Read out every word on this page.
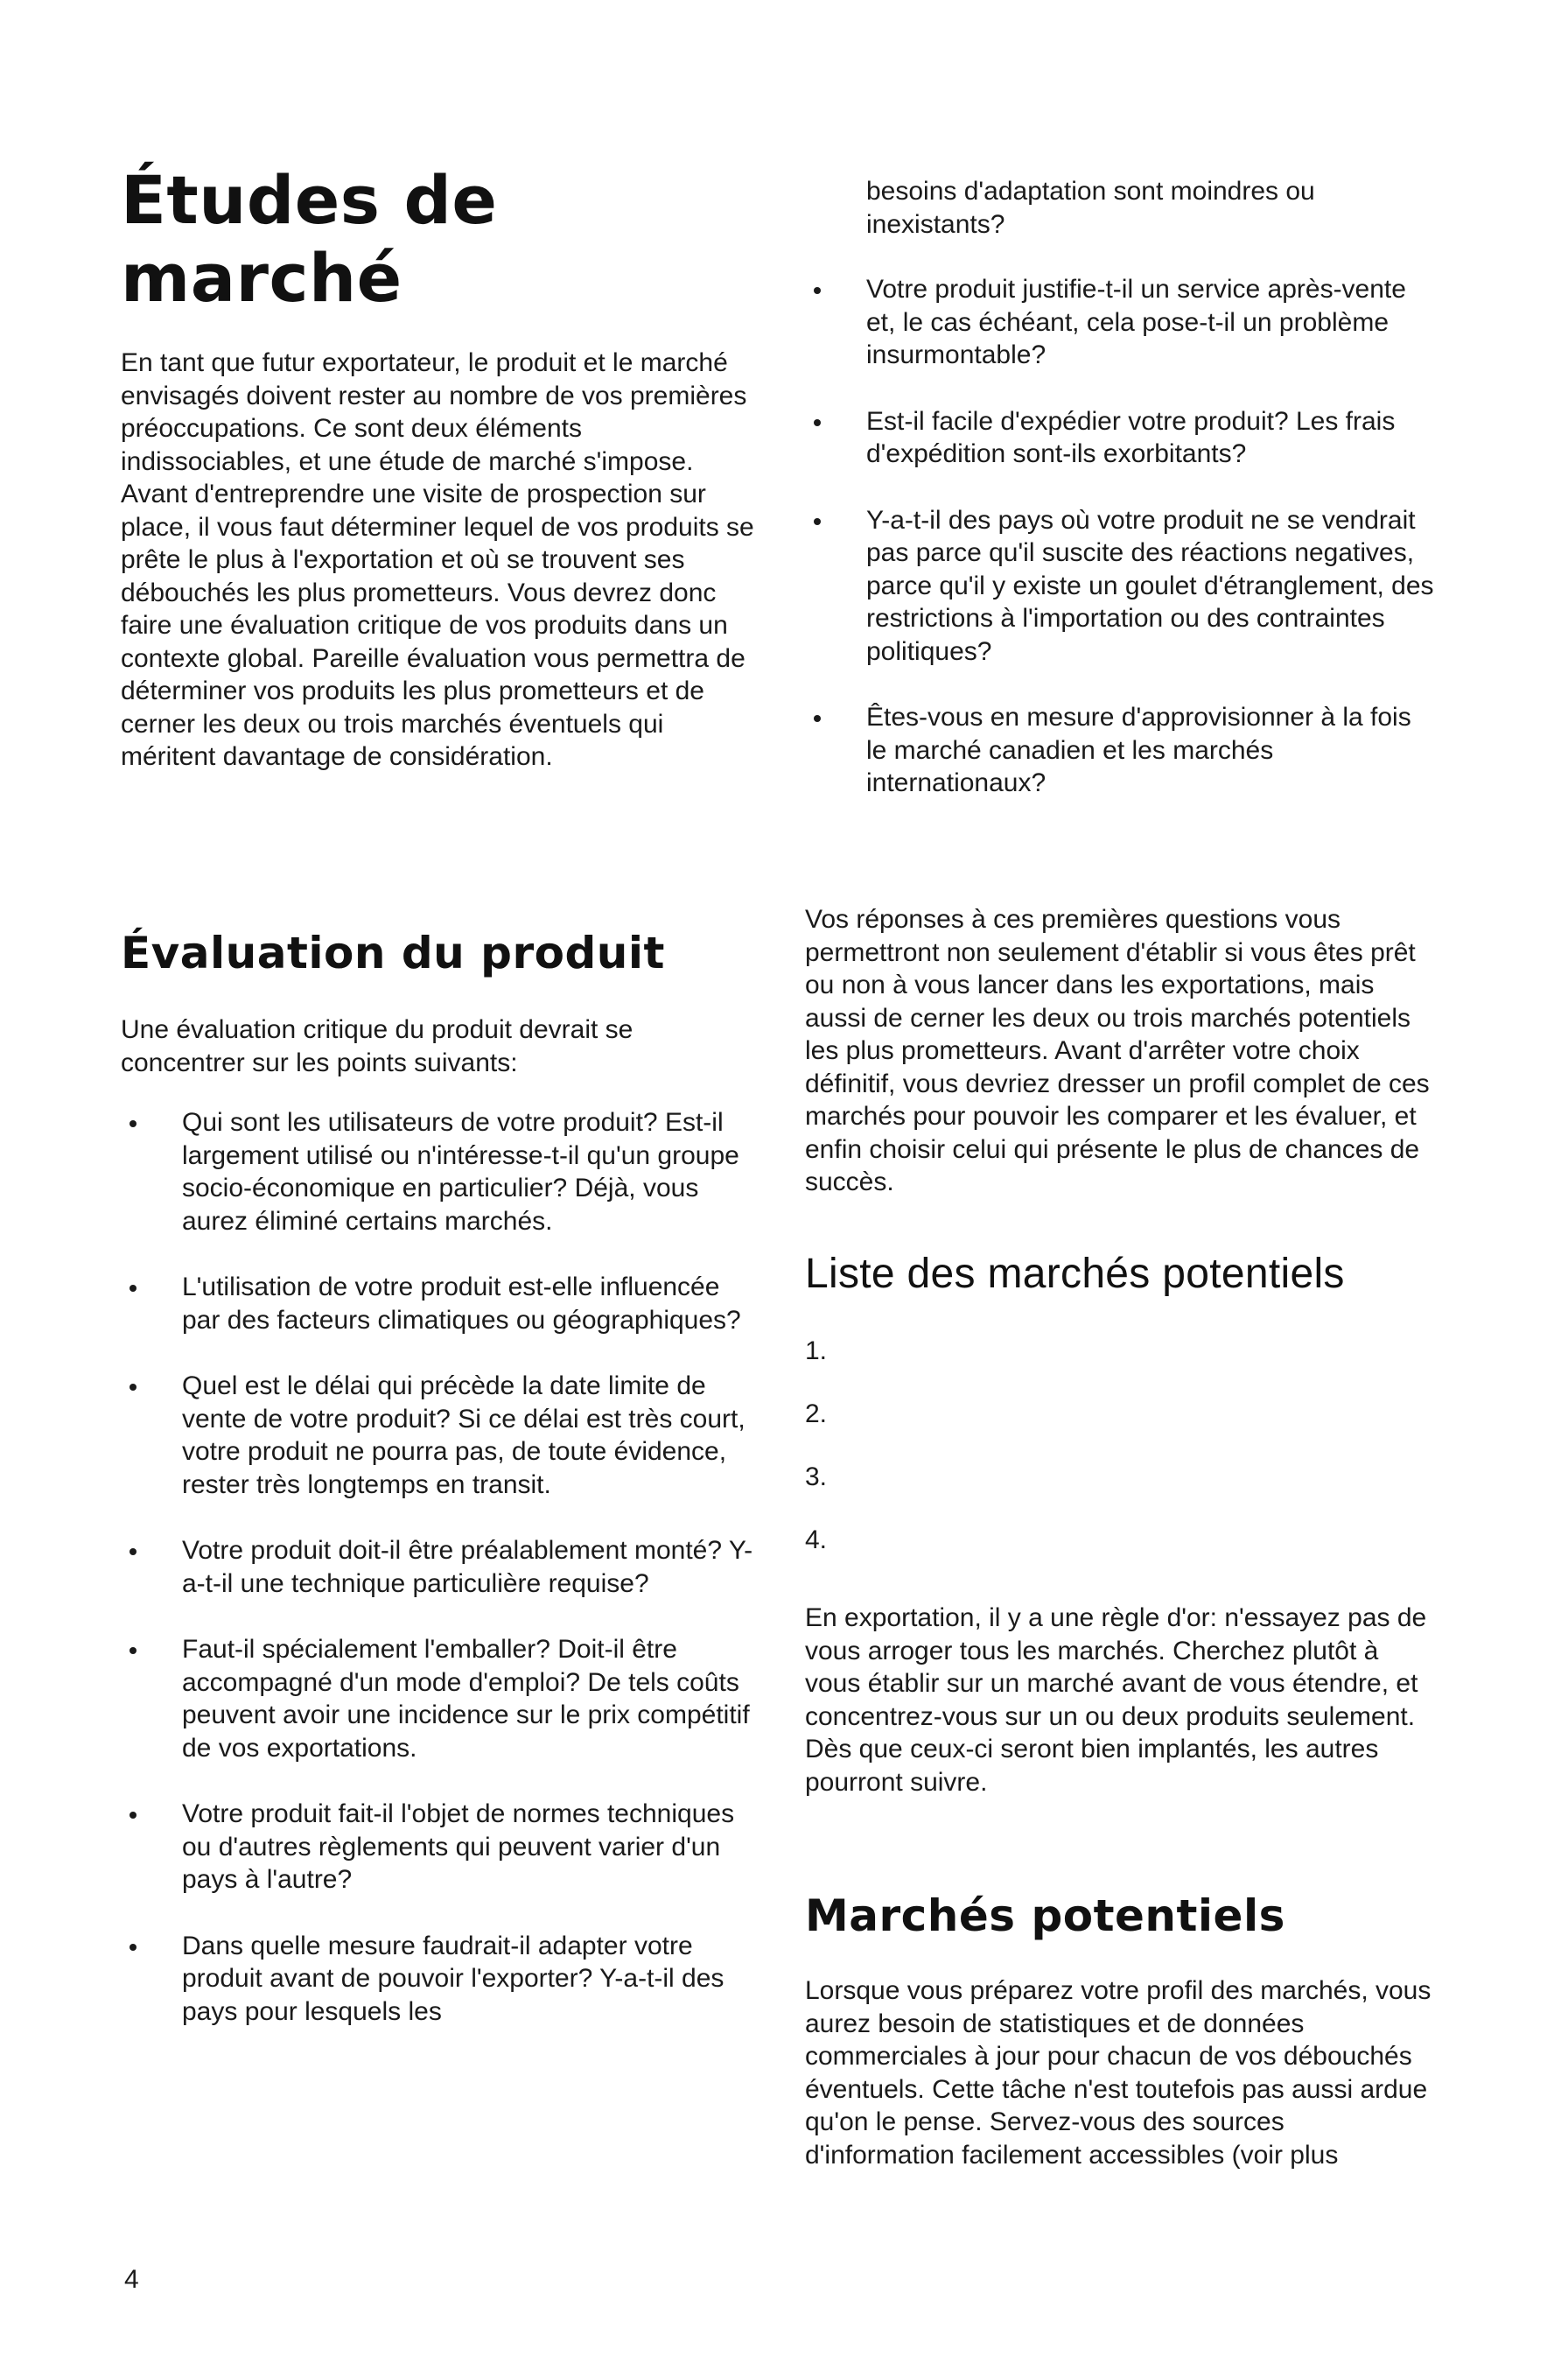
Études de marché

En tant que futur exportateur, le produit et le marché envisagés doivent rester au nombre de vos premières préoccupations. Ce sont deux éléments indissociables, et une étude de marché s'impose. Avant d'entreprendre une visite de prospection sur place, il vous faut déterminer lequel de vos produits se prête le plus à l'exportation et où se trouvent ses débouchés les plus prometteurs. Vous devrez donc faire une évaluation critique de vos produits dans un contexte global. Pareille évaluation vous permettra de déterminer vos produits les plus prometteurs et de cerner les deux ou trois marchés éventuels qui méritent davantage de considération.

Évaluation du produit

Une évaluation critique du produit devrait se concentrer sur les points suivants:

Qui sont les utilisateurs de votre produit? Est-il largement utilisé ou n'intéresse-t-il qu'un groupe socio-économique en particulier? Déjà, vous aurez éliminé certains marchés.
L'utilisation de votre produit est-elle influencée par des facteurs climatiques ou géographiques?
Quel est le délai qui précède la date limite de vente de votre produit? Si ce délai est très court, votre produit ne pourra pas, de toute évidence, rester très longtemps en transit.
Votre produit doit-il être préalablement monté? Y-a-t-il une technique particulière requise?
Faut-il spécialement l'emballer? Doit-il être accompagné d'un mode d'emploi? De tels coûts peuvent avoir une incidence sur le prix compétitif de vos exportations.
Votre produit fait-il l'objet de normes techniques ou d'autres règlements qui peuvent varier d'un pays à l'autre?
Dans quelle mesure faudrait-il adapter votre produit avant de pouvoir l'exporter? Y-a-t-il des pays pour lesquels les

besoins d'adaptation sont moindres ou inexistants?

Votre produit justifie-t-il un service après-vente et, le cas échéant, cela pose-t-il un problème insurmontable?
Est-il facile d'expédier votre produit? Les frais d'expédition sont-ils exorbitants?
Y-a-t-il des pays où votre produit ne se vendrait pas parce qu'il suscite des réactions negatives, parce qu'il y existe un goulet d'étranglement, des restrictions à l'importation ou des contraintes politiques?
Êtes-vous en mesure d'approvisionner à la fois le marché canadien et les marchés internationaux?

Vos réponses à ces premières questions vous permettront non seulement d'établir si vous êtes prêt ou non à vous lancer dans les exportations, mais aussi de cerner les deux ou trois marchés potentiels les plus prometteurs. Avant d'arrêter votre choix définitif, vous devriez dresser un profil complet de ces marchés pour pouvoir les comparer et les évaluer, et enfin choisir celui qui présente le plus de chances de succès.

Liste des marchés potentiels
1.
2.
3.
4.

En exportation, il y a une règle d'or: n'essayez pas de vous arroger tous les marchés. Cherchez plutôt à vous établir sur un marché avant de vous étendre, et concentrez-vous sur un ou deux produits seulement. Dès que ceux-ci seront bien implantés, les autres pourront suivre.

Marchés potentiels

Lorsque vous préparez votre profil des marchés, vous aurez besoin de statistiques et de données commerciales à jour pour chacun de vos débouchés éventuels. Cette tâche n'est toutefois pas aussi ardue qu'on le pense. Servez-vous des sources d'information facilement accessibles (voir plus

4
